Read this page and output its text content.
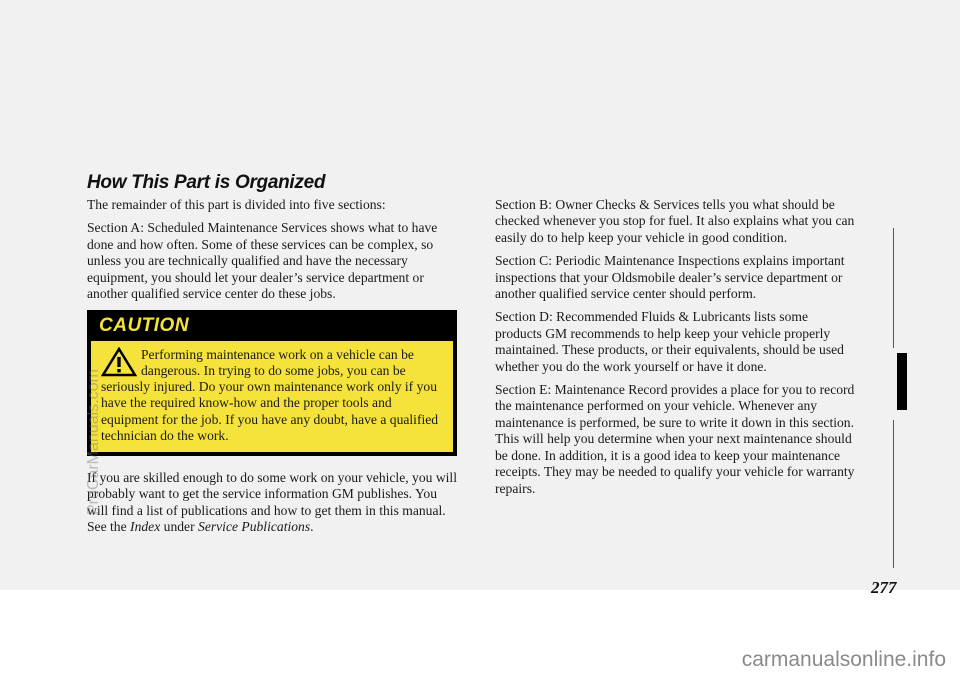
How This Part is Organized

The remainder of this part is divided into five sections:

Section A: Scheduled Maintenance Services shows what to have done and how often. Some of these services can be complex, so unless you are technically qualified and have the necessary equipment, you should let your dealer’s service department or another qualified service center do these jobs.

CAUTION
Performing maintenance work on a vehicle can be dangerous. In trying to do some jobs, you can be seriously injured. Do your own maintenance work only if you have the required know-how and the proper tools and equipment for the job. If you have any doubt, have a qualified technician do the work.

If you are skilled enough to do some work on your vehicle, you will probably want to get the service information GM publishes. You will find a list of publications and how to get them in this manual. See the Index under Service Publications.

Section B: Owner Checks & Services tells you what should be checked whenever you stop for fuel. It also explains what you can easily do to help keep your vehicle in good condition.

Section C: Periodic Maintenance Inspections explains important inspections that your Oldsmobile dealer’s service department or another qualified service center should perform.

Section D: Recommended Fluids & Lubricants lists some products GM recommends to help keep your vehicle properly maintained. These products, or their equivalents, should be used whether you do the work yourself or have it done.

Section E: Maintenance Record provides a place for you to record the maintenance performed on your vehicle. Whenever any maintenance is performed, be sure to write it down in this section. This will help you determine when your next maintenance should be done. In addition, it is a good idea to keep your maintenance receipts. They may be needed to qualify your vehicle for warranty repairs.

277
ProCarManuals.com
carmanualsonline.info
